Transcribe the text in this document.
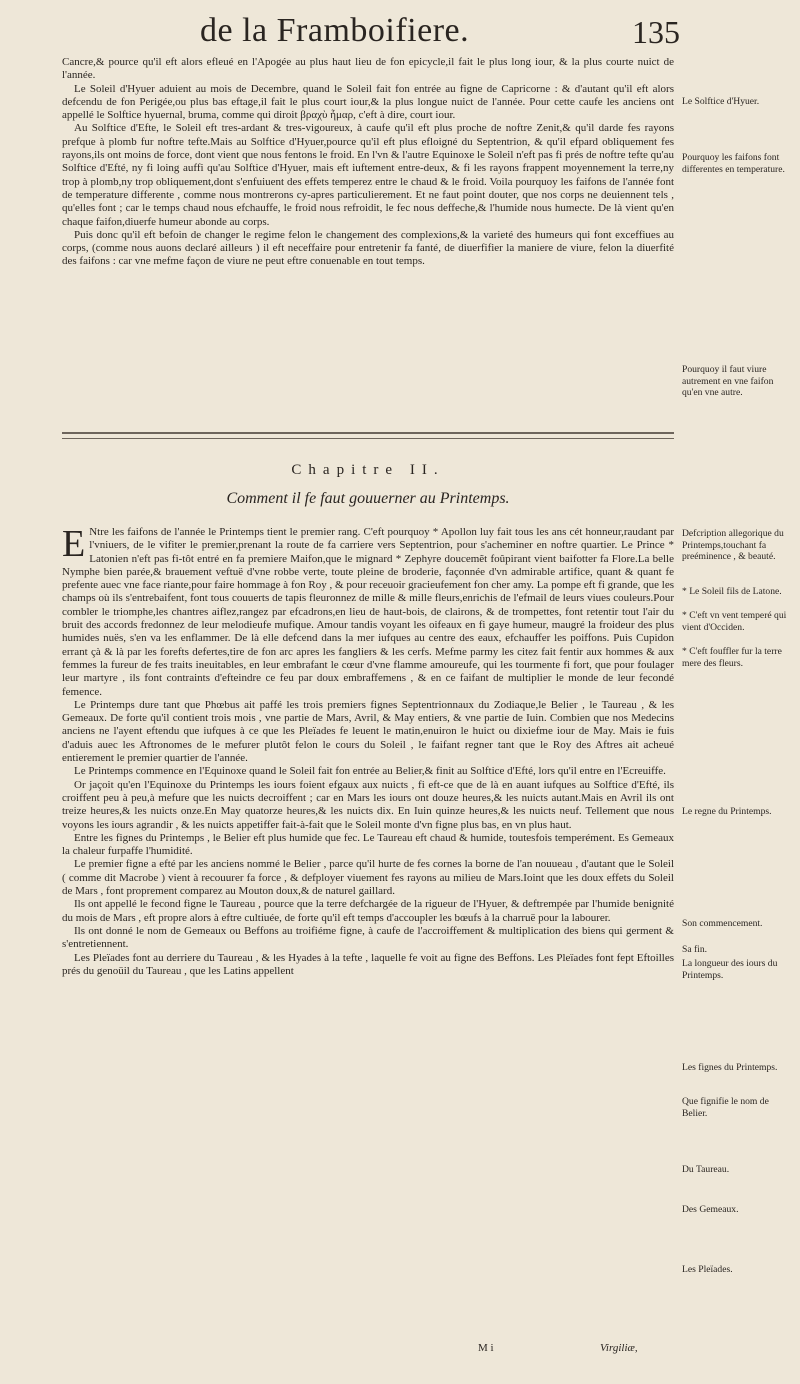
de la Framboifiere.	135

Cancre,& pource qu'il eft alors efleué en l'Apogée au plus haut lieu de fon epicycle,il fait le plus long iour, & la plus courte nuict de l'année.

Le Soleil d'Hyuer aduient au mois de Decembre, quand le Soleil fait fon entrée au figne de Capricorne : & d'autant qu'il eft alors defcendu de fon Perigée,ou plus bas eftage,il fait le plus court iour,& la plus longue nuict de l'année. Pour cette caufe les anciens ont appellé le Solftice hyuernal, bruma, comme qui diroit βραχὺ ἦμαρ, c'eft à dire, court iour.

Au Solftice d'Efte, le Soleil eft tres-ardant & tres-vigoureux, à caufe qu'il eft plus proche de noftre Zenit,& qu'il darde fes rayons prefque à plomb fur noftre tefte.Mais au Solftice d'Hyuer,pource qu'il eft plus efloigné du Septentrion, & qu'il efpard obliquement fes rayons,ils ont moins de force, dont vient que nous fentons le froid. En l'vn & l'autre Equinoxe le Soleil n'eft pas fi prés de noftre tefte qu'au Solftice d'Efté, ny fi loing auffi qu'au Solftice d'Hyuer, mais eft iuftement entre-deux, & fi les rayons frappent moyennement la terre,ny trop à plomb,ny trop obliquement,dont s'enfuiuent des effets temperez entre le chaud & le froid. Voila pourquoy les faifons de l'année font de temperature differente , comme nous montrerons cy-apres particulierement. Et ne faut point douter, que nos corps ne deuiennent tels , qu'elles font ; car le temps chaud nous efchauffe, le froid nous refroidit, le fec nous deffeche,& l'humide nous humecte. De là vient qu'en chaque faifon,diuerfe humeur abonde au corps.

Puis donc qu'il eft befoin de changer le regime felon le changement des complexions,& la varieté des humeurs qui font exceffiues au corps, (comme nous auons declaré ailleurs ) il eft neceffaire pour entretenir fa fanté, de diuerfifier la maniere de viure, felon la diuerfité des faifons : car vne mefme façon de viure ne peut eftre conuenable en tout temps.

Chapitre II.
Comment il fe faut gouuerner au Printemps.

E Ntre les faifons de l'année le Printemps tient le premier rang. C'eft pourquoy * Apollon luy fait tous les ans cét honneur,raudant par l'vniuers, de le vifiter le premier,prenant la route de fa carriere vers Septentrion, pour s'acheminer en noftre quartier. Le Prince * Latonien n'eft pas fi-tôt entré en fa premiere Maifon,que le mignard * Zephyre doucemẽt foûpirant vient baifotter fa Flore.La belle Nymphe bien parée,& brauement veftuë d'vne robbe verte, toute pleine de broderie, façonnée d'vn admirable artifice, quant & quant fe prefente auec vne face riante,pour faire hommage à fon Roy , & pour receuoir gracieufement fon cher amy. La pompe eft fi grande, que les champs où ils s'entrebaifent, font tous couuerts de tapis fleuronnez de mille & mille fleurs,enrichis de l'efmail de leurs viues couleurs.Pour combler le triomphe,les chantres aiflez,rangez par efcadrons,en lieu de haut-bois, de clairons, & de trompettes, font retentir tout l'air du bruit des accords fredonnez de leur melodieufe mufique. Amour tandis voyant les oifeaux en fi gaye humeur, maugré la froideur des plus humides nuës, s'en va les enflammer. De là elle defcend dans la mer iufques au centre des eaux, efchauffer les poiffons. Puis Cupidon errant çà & là par les forefts defertes,tire de fon arc apres les fangliers & les cerfs. Mefme parmy les citez fait fentir aux hommes & aux femmes la fureur de fes traits ineuitables, en leur embrafant le cœur d'vne flamme amoureufe, qui les tourmente fi fort, que pour foulager leur martyre , ils font contraints d'efteindre ce feu par doux embraffemens , & en ce faifant de multiplier le monde de leur fecondé femence.

Le Printemps dure tant que Phœbus ait paffé les trois premiers fignes Septentrionnaux du Zodiaque,le Belier , le Taureau , & les Gemeaux. De forte qu'il contient trois mois , vne partie de Mars, Avril, & May entiers, & vne partie de Iuin. Combien que nos Medecins anciens ne l'ayent eftendu que iufques à ce que les Pleïades fe leuent le matin,enuiron le huict ou dixiefme iour de May. Mais ie fuis d'aduis auec les Aftronomes de le mefurer plutôt felon le cours du Soleil , le faifant regner tant que le Roy des Aftres ait acheué entierement le premier quartier de l'année.

Le Printemps commence en l'Equinoxe quand le Soleil fait fon entrée au Belier,& finit au Solftice d'Efté, lors qu'il entre en l'Ecreuiffe.

Or jaçoit qu'en l'Equinoxe du Printemps les iours foient efgaux aux nuicts , fi eft-ce que de là en auant iufques au Solftice d'Efté, ils croiffent peu à peu,à mefure que les nuicts decroiffent ; car en Mars les iours ont douze heures,& les nuicts autant.Mais en Avril ils ont treize heures,& les nuicts onze.En May quatorze heures,& les nuicts dix. En Iuin quinze heures,& les nuicts neuf. Tellement que nous voyons les iours agrandir , & les nuicts appetiffer fait-à-fait que le Soleil monte d'vn figne plus bas, en vn plus haut.

Entre les fignes du Printemps , le Belier eft plus humide que fec. Le Taureau eft chaud & humide, toutesfois temperément. Es Gemeaux la chaleur furpaffe l'humidité.

Le premier figne a efté par les anciens nommé le Belier , parce qu'il hurte de fes cornes la borne de l'an nouueau , d'autant que le Soleil ( comme dit Macrobe ) vient à recouurer fa force , & defployer viuement fes rayons au milieu de Mars.Ioint que les doux effets du Soleil de Mars , font proprement comparez au Mouton doux,& de naturel gaillard.

Ils ont appellé le fecond figne le Taureau , pource que la terre defchargée de la rigueur de l'Hyuer, & deftrempée par l'humide benignité du mois de Mars , eft propre alors à eftre cultiuée, de forte qu'il eft temps d'accoupler les bœufs à la charruë pour la labourer.

Ils ont donné le nom de Gemeaux ou Beffons au troifiéme figne, à caufe de l'accroiffement & multiplication des biens qui germent & s'entretiennent.

Les Pleïades font au derriere du Taureau , & les Hyades à la tefte , laquelle fe voit au figne des Beffons. Les Pleïades font fept Eftoilles prés du genoüil du Taureau , que les Latins appellent

Le Solftice d'Hyuer.
Pourquoy les faifons font differentes en temperature.
Pourquoy il faut viure autrement en vne faifon qu'en vne autre.
Defcription allegorique du Printemps,touchant fa preéminence , & beauté.
* Le Soleil fils de Latone.
* C'eft vn vent temperé qui vient d'Occiden.
* C'eft fouffler fur la terre mere des fleurs.
Le regne du Printemps.
Son commencement.
Sa fin.
La longueur des iours du Printemps.
Les fignes du Printemps.
Que fignifie le nom de Belier.
Du Taureau.
Des Gemeaux.
Les Pleïades.
M i	Virgiliæ,
